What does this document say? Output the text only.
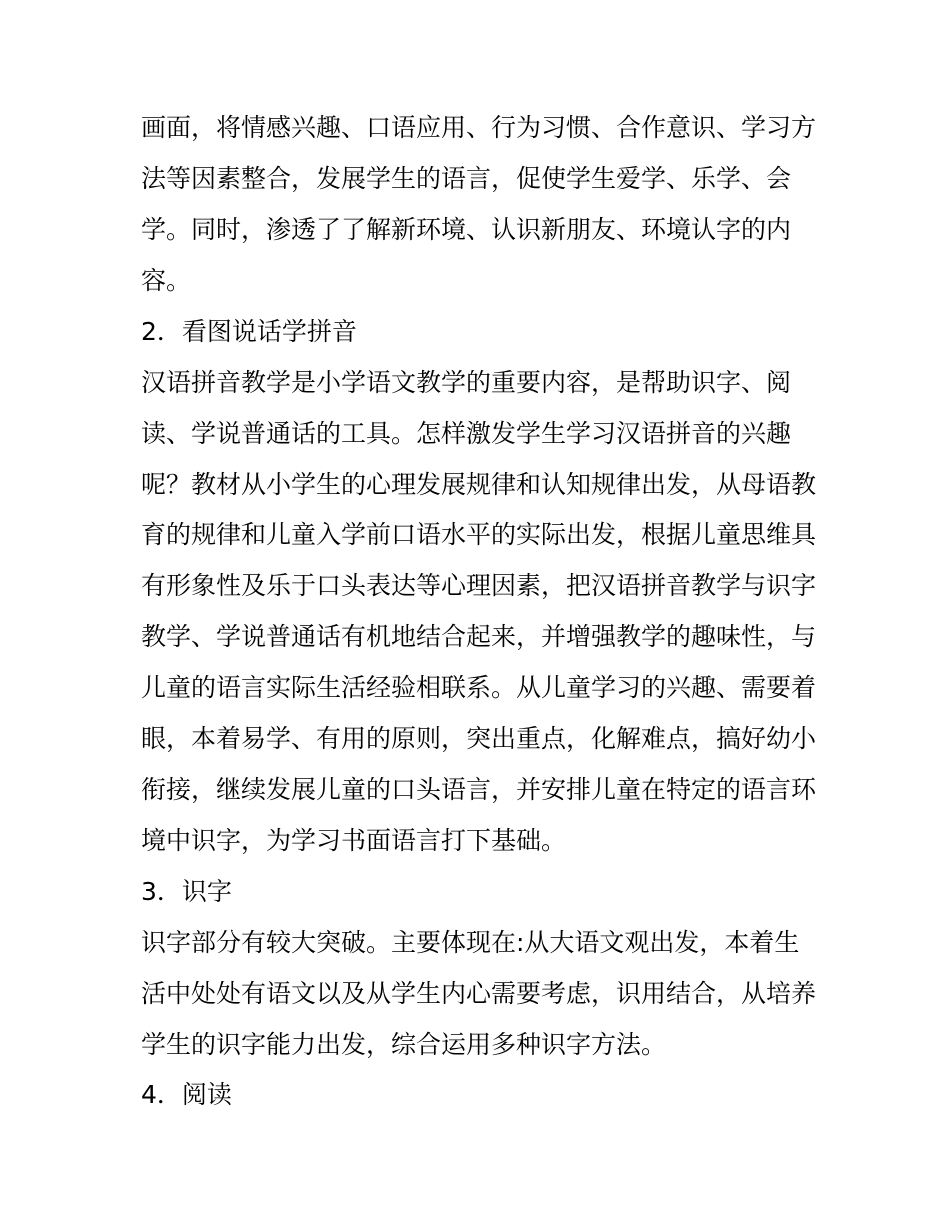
画面，将情感兴趣、口语应用、行为习惯、合作意识、学习方
法等因素整合，发展学生的语言，促使学生爱学、乐学、会
学。同时，渗透了了解新环境、认识新朋友、环境认字的内
容。
2．看图说话学拼音
汉语拼音教学是小学语文教学的重要内容，是帮助识字、阅
读、学说普通话的工具。怎样激发学生学习汉语拼音的兴趣
呢？教材从小学生的心理发展规律和认知规律出发，从母语教
育的规律和儿童入学前口语水平的实际出发，根据儿童思维具
有形象性及乐于口头表达等心理因素，把汉语拼音教学与识字
教学、学说普通话有机地结合起来，并增强教学的趣味性，与
儿童的语言实际生活经验相联系。从儿童学习的兴趣、需要着
眼，本着易学、有用的原则，突出重点，化解难点，搞好幼小
衔接，继续发展儿童的口头语言，并安排儿童在特定的语言环
境中识字，为学习书面语言打下基础。
3．识字
识字部分有较大突破。主要体现在:从大语文观出发，本着生
活中处处有语文以及从学生内心需要考虑，识用结合，从培养
学生的识字能力出发，综合运用多种识字方法。
4．阅读
